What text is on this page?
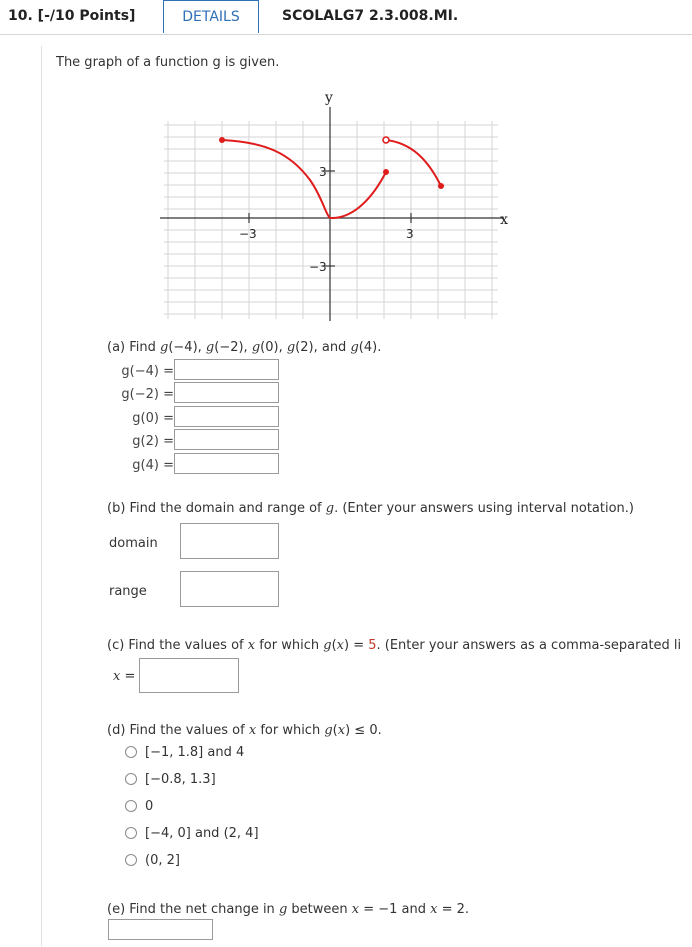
10. [-/10 Points]	DETAILS	SCOLALG7 2.3.008.MI.
The graph of a function g is given.
y
x
−3	3
3
−3
(a) Find g(−4), g(−2), g(0), g(2), and g(4).
g(−4) =
g(−2) =
g(0) =
g(2) =
g(4) =
(b) Find the domain and range of g. (Enter your answers using interval notation.)
domain
range
(c) Find the values of x for which g(x) = 5. (Enter your answers as a comma-separated li
x =
(d) Find the values of x for which g(x) ≤ 0.
[−1, 1.8] and 4
[−0.8, 1.3]
0
[−4, 0] and (2, 4]
(0, 2]
(e) Find the net change in g between x = −1 and x = 2.
